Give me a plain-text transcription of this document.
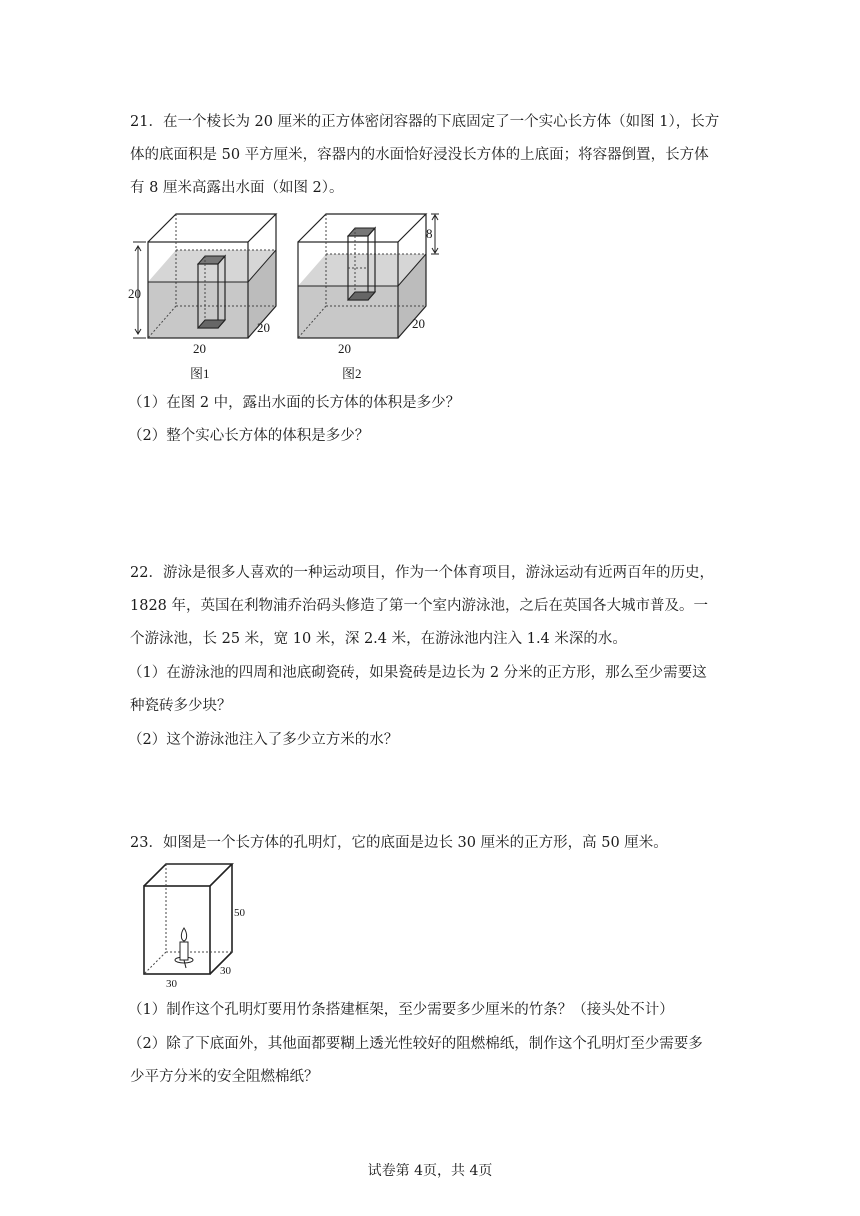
21．在一个棱长为 20 厘米的正方体密闭容器的下底固定了一个实心长方体（如图 1），长方
体的底面积是 50 平方厘米，容器内的水面恰好浸没长方体的上底面；将容器倒置，长方体
有 8 厘米高露出水面（如图 2）。
20
20
20
图1
8
20
20
图2
（1）在图 2 中，露出水面的长方体的体积是多少？
（2）整个实心长方体的体积是多少？
22．游泳是很多人喜欢的一种运动项目，作为一个体育项目，游泳运动有近两百年的历史，
1828 年，英国在利物浦乔治码头修造了第一个室内游泳池，之后在英国各大城市普及。一
个游泳池，长 25 米，宽 10 米，深 2.4 米，在游泳池内注入 1.4 米深的水。
（1）在游泳池的四周和池底砌瓷砖，如果瓷砖是边长为 2 分米的正方形，那么至少需要这
种瓷砖多少块？
（2）这个游泳池注入了多少立方米的水？
23．如图是一个长方体的孔明灯，它的底面是边长 30 厘米的正方形，高 50 厘米。
50
30
30
（1）制作这个孔明灯要用竹条搭建框架，至少需要多少厘米的竹条？（接头处不计）
（2）除了下底面外，其他面都要糊上透光性较好的阻燃棉纸，制作这个孔明灯至少需要多
少平方分米的安全阻燃棉纸？
试卷第 4页，共 4页
